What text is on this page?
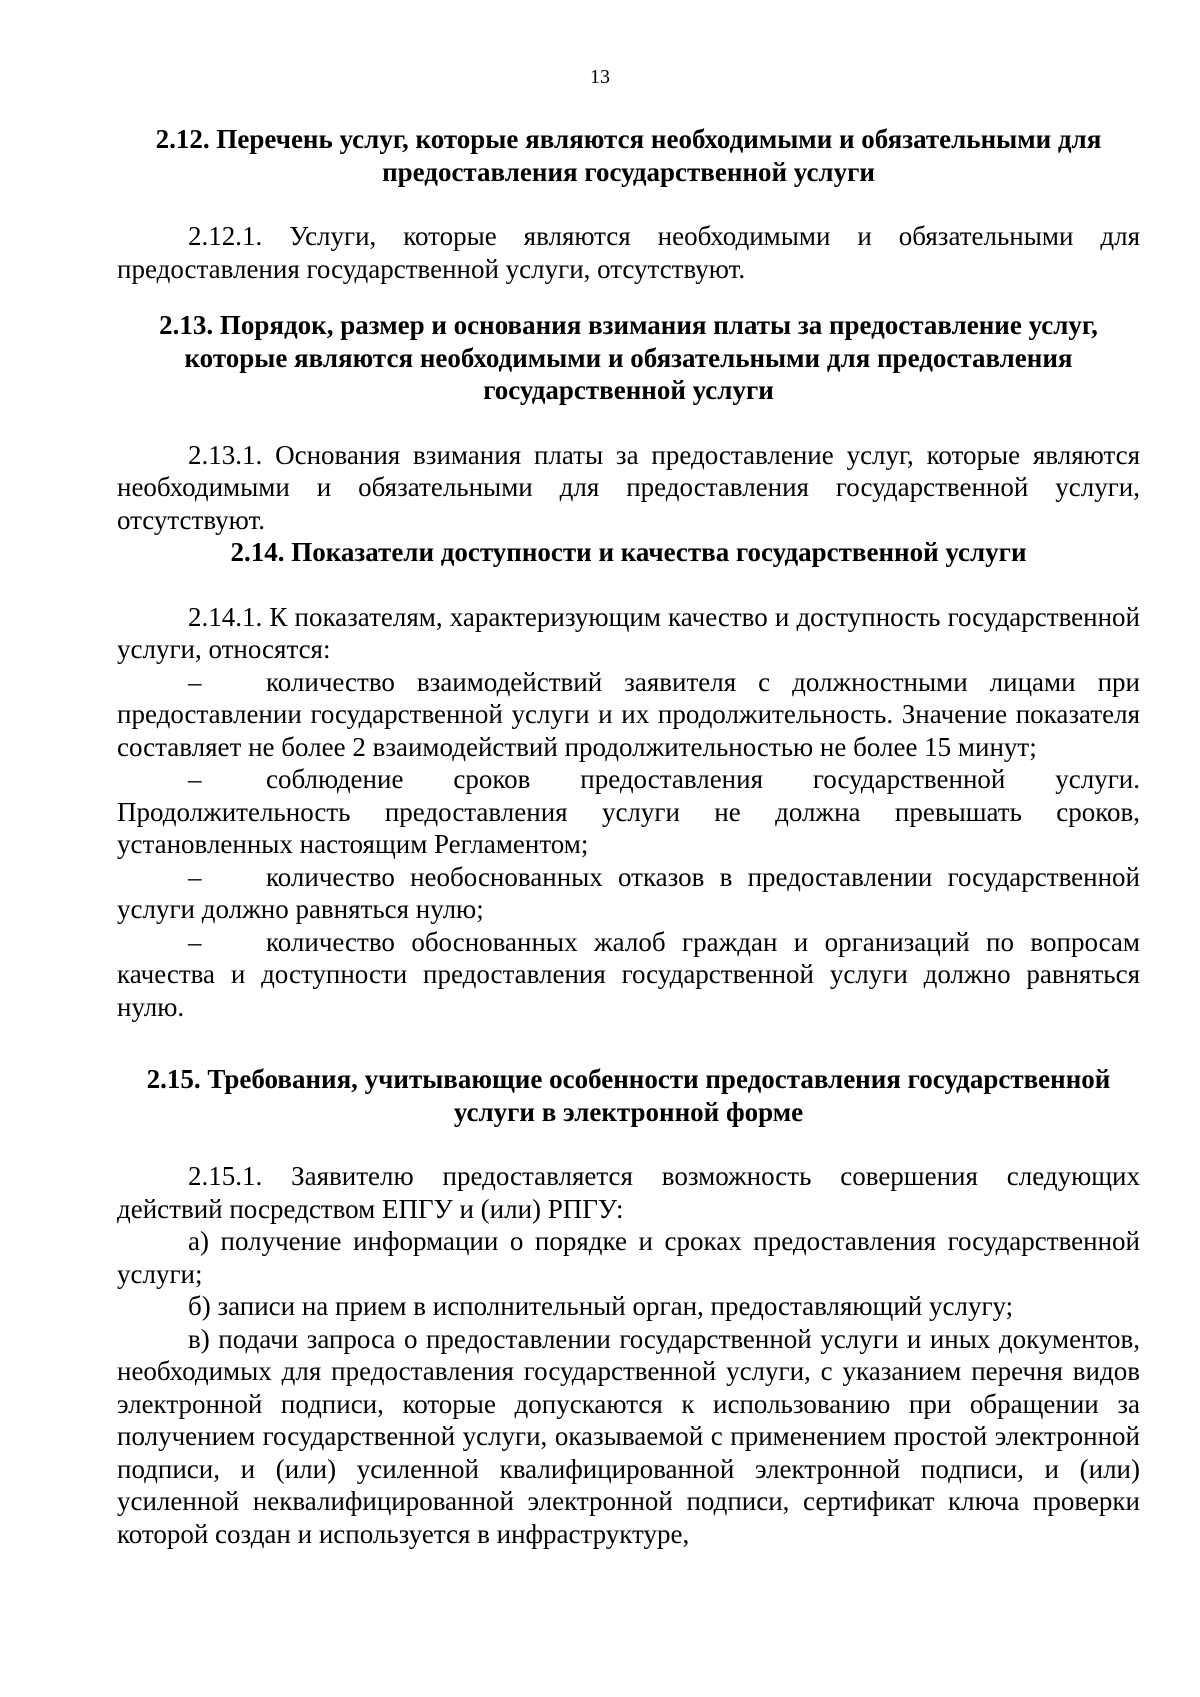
13
2.12. Перечень услуг, которые являются необходимыми и обязательными для
предоставления государственной услуги

2.12.1. Услуги, которые являются необходимыми и обязательными для предоставления государственной услуги, отсутствуют.

2.13. Порядок, размер и основания взимания платы за предоставление услуг,
которые являются необходимыми и обязательными для предоставления
государственной услуги

2.13.1. Основания взимания платы за предоставление услуг, которые являются необходимыми и обязательными для предоставления государственной услуги, отсутствуют.

2.14. Показатели доступности и качества государственной услуги

2.14.1. К показателям, характеризующим качество и доступность государственной услуги, относятся:

– количество взаимодействий заявителя с должностными лицами при предоставлении государственной услуги и их продолжительность. Значение показателя составляет не более 2 взаимодействий продолжительностью не более 15 минут;

– соблюдение сроков предоставления государственной услуги. Продолжительность предоставления услуги не должна превышать сроков, установленных настоящим Регламентом;

– количество необоснованных отказов в предоставлении государственной услуги должно равняться нулю;

– количество обоснованных жалоб граждан и организаций по вопросам качества и доступности предоставления государственной услуги должно равняться нулю.

2.15. Требования, учитывающие особенности предоставления государственной
услуги в электронной форме

2.15.1. Заявителю предоставляется возможность совершения следующих действий посредством ЕПГУ и (или) РПГУ:

а) получение информации о порядке и сроках предоставления государственной услуги;

б) записи на прием в исполнительный орган, предоставляющий услугу;

в) подачи запроса о предоставлении государственной услуги и иных документов, необходимых для предоставления государственной услуги, с указанием перечня видов электронной подписи, которые допускаются к использованию при обращении за получением государственной услуги, оказываемой с применением простой электронной подписи, и (или) усиленной квалифицированной электронной подписи, и (или) усиленной неквалифицированной электронной подписи, сертификат ключа проверки которой создан и используется в инфраструктуре,
